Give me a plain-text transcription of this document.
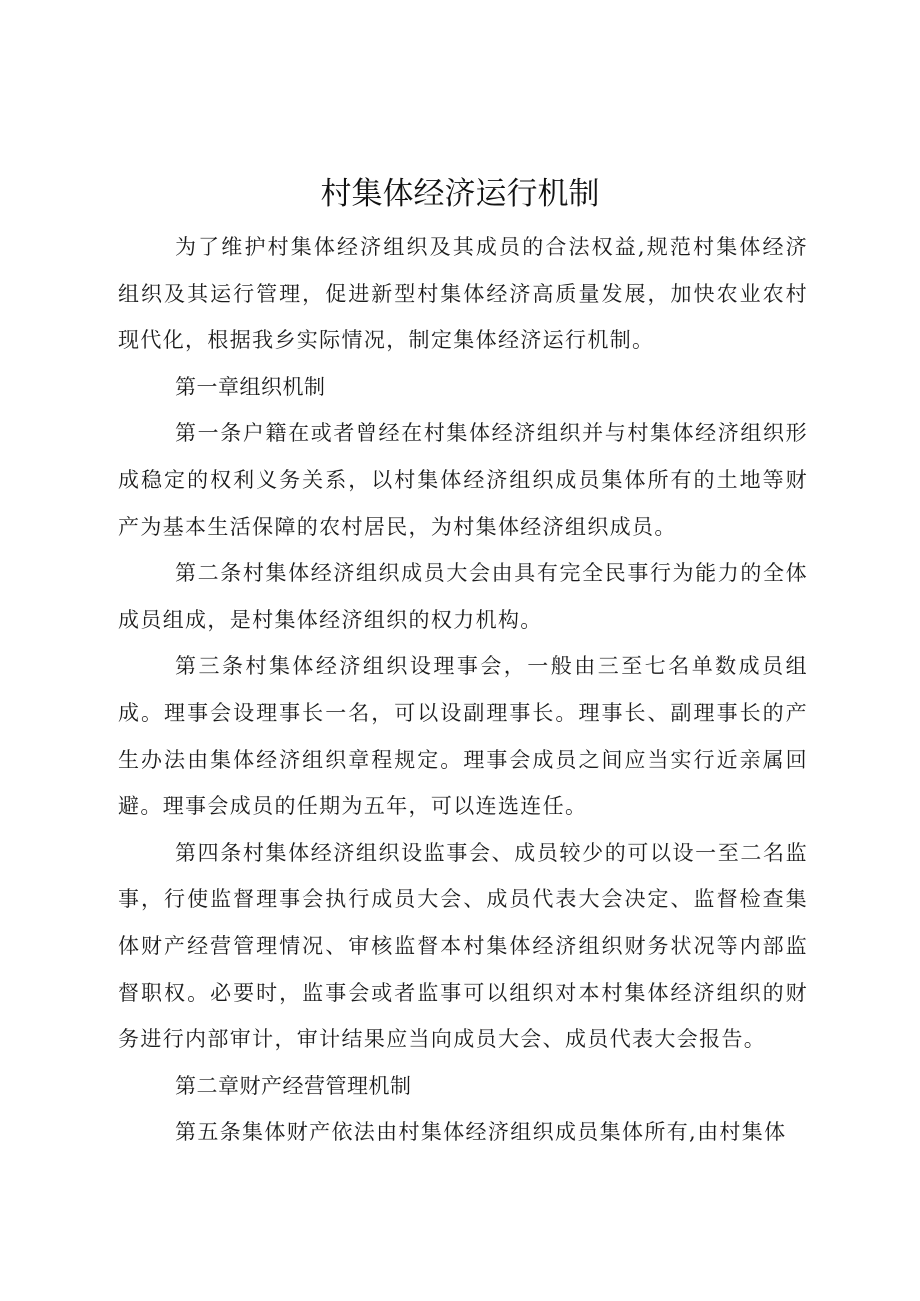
村集体经济运行机制

为了维护村集体经济组织及其成员的合法权益,规范村集体经济组织及其运行管理，促进新型村集体经济高质量发展，加快农业农村现代化，根据我乡实际情况，制定集体经济运行机制。

第一章组织机制

第一条户籍在或者曾经在村集体经济组织并与村集体经济组织形成稳定的权利义务关系，以村集体经济组织成员集体所有的土地等财产为基本生活保障的农村居民，为村集体经济组织成员。

第二条村集体经济组织成员大会由具有完全民事行为能力的全体成员组成，是村集体经济组织的权力机构。

第三条村集体经济组织设理事会，一般由三至七名单数成员组成。理事会设理事长一名，可以设副理事长。理事长、副理事长的产生办法由集体经济组织章程规定。理事会成员之间应当实行近亲属回避。理事会成员的任期为五年，可以连选连任。

第四条村集体经济组织设监事会、成员较少的可以设一至二名监事，行使监督理事会执行成员大会、成员代表大会决定、监督检查集体财产经营管理情况、审核监督本村集体经济组织财务状况等内部监督职权。必要时，监事会或者监事可以组织对本村集体经济组织的财务进行内部审计，审计结果应当向成员大会、成员代表大会报告。

第二章财产经营管理机制

第五条集体财产依法由村集体经济组织成员集体所有,由村集体
